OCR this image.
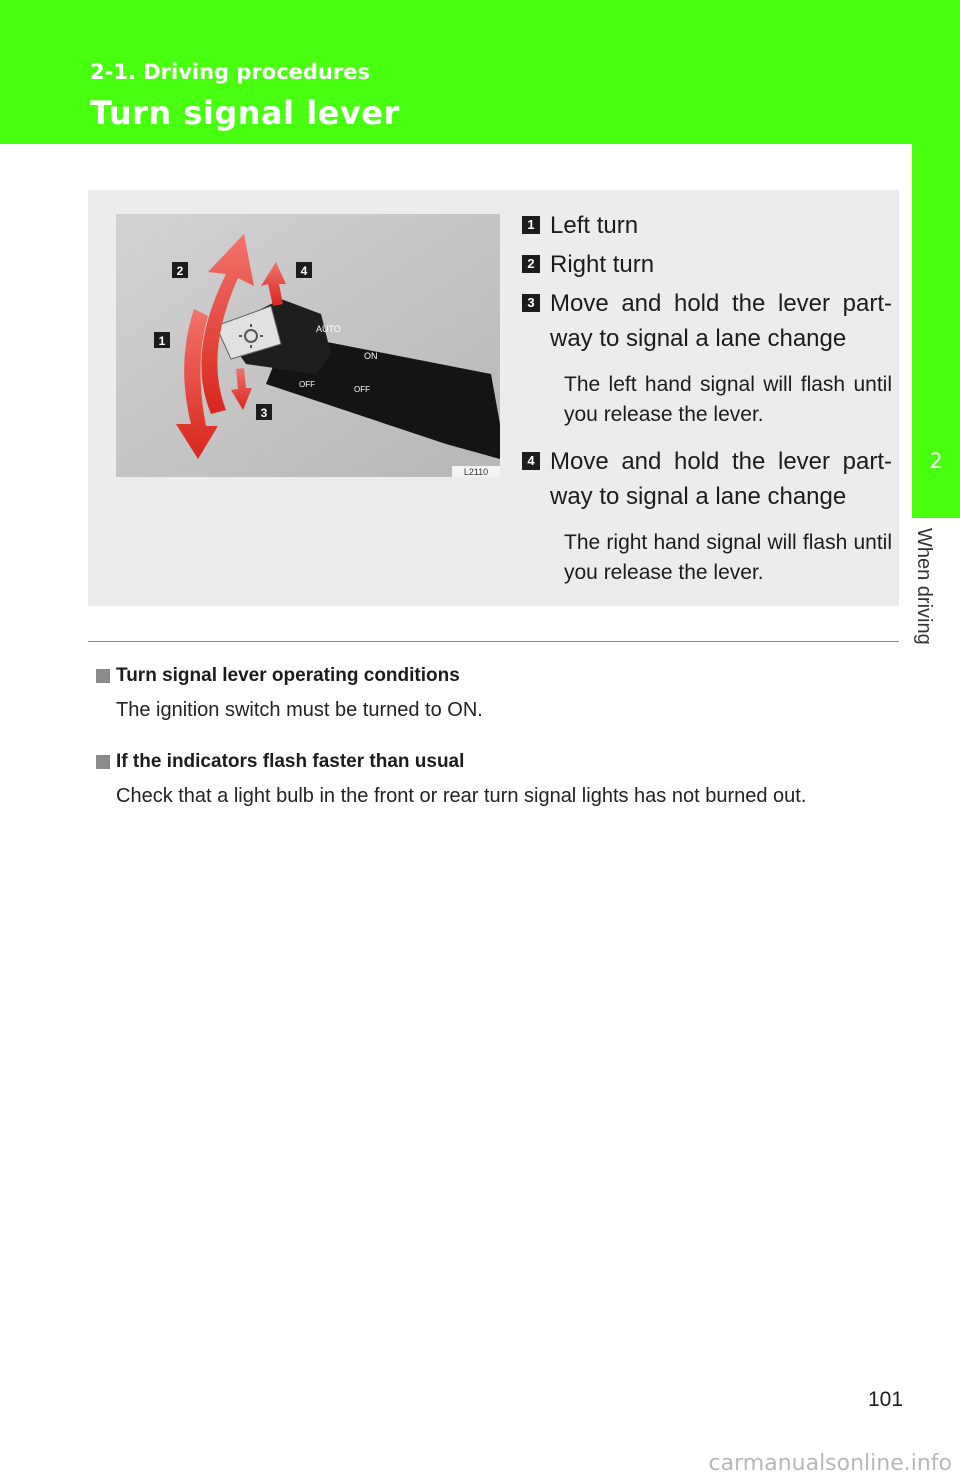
2-1. Driving procedures
Turn signal lever
2
When driving
AUTO
ON
OFF
OFF
2	4
1
3
L2110
1 Left turn
2 Right turn
3 Move and hold the lever part-way to signal a lane change
The left hand signal will flash until you release the lever.
4 Move and hold the lever part-way to signal a lane change
The right hand signal will flash until you release the lever.
Turn signal lever operating conditions
The ignition switch must be turned to ON.
If the indicators flash faster than usual
Check that a light bulb in the front or rear turn signal lights has not burned out.
101
carmanualsonline.info
